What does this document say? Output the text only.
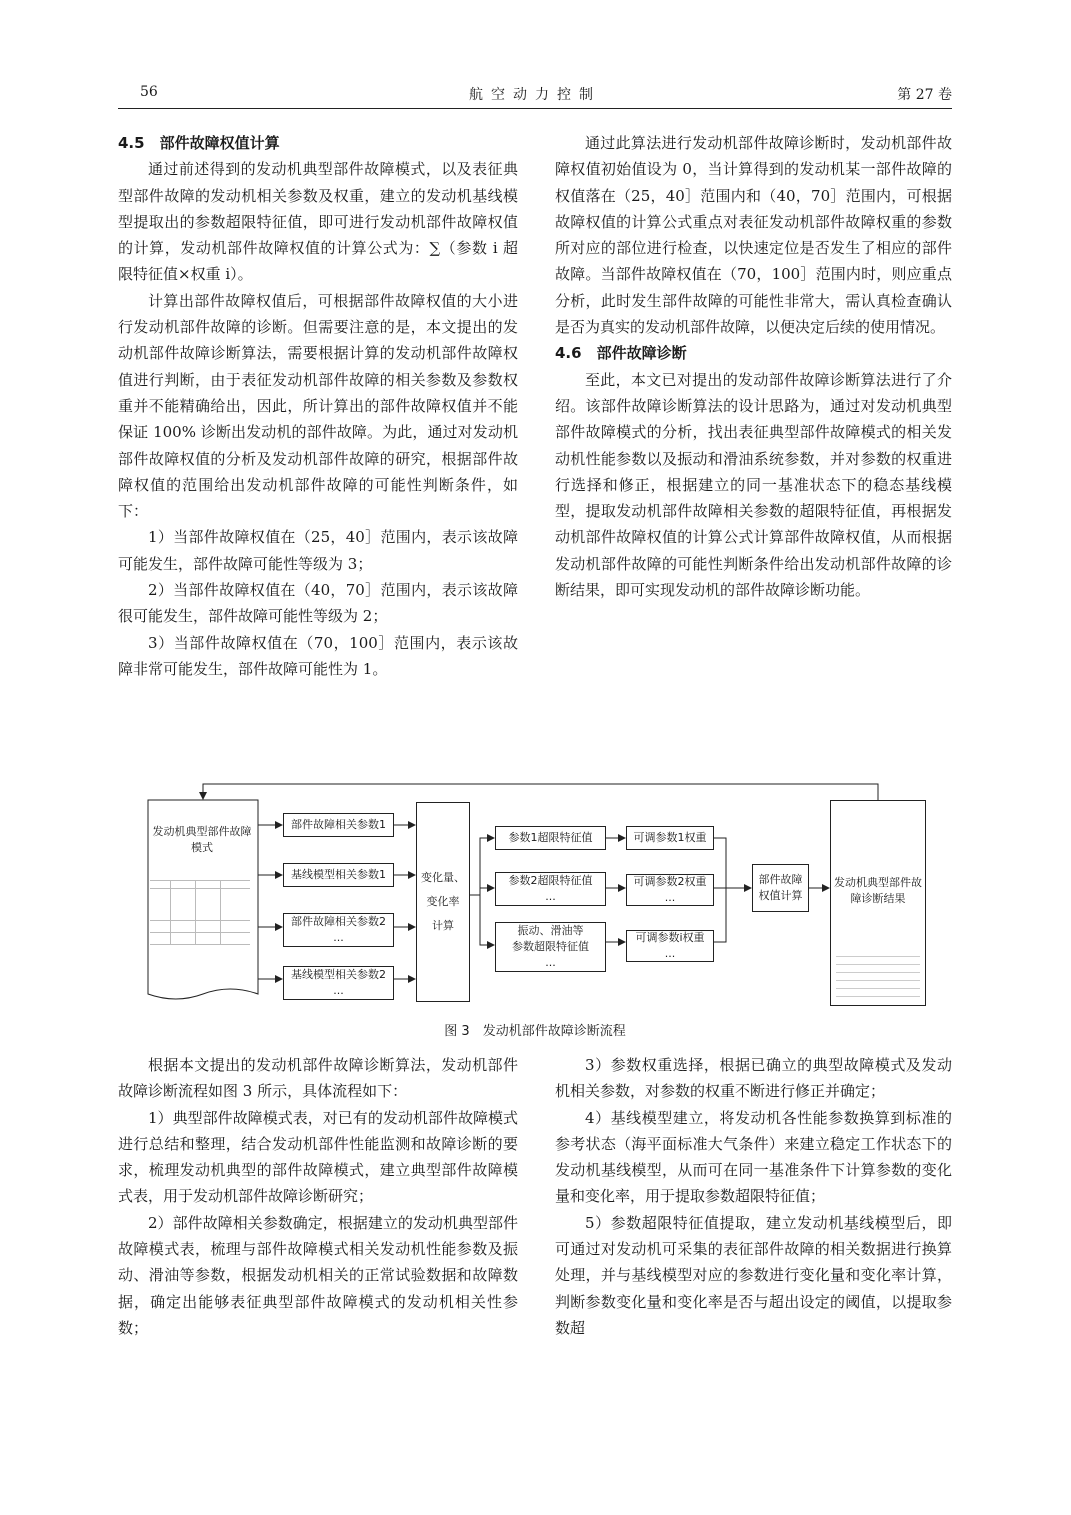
56	航空动力控制	第 27 卷
4.5　部件故障权值计算

通过前述得到的发动机典型部件故障模式，以及表征典型部件故障的发动机相关参数及权重，建立的发动机基线模型提取出的参数超限特征值，即可进行发动机部件故障权值的计算，发动机部件故障权值的计算公式为：∑（参数 i 超限特征值×权重 i）。

计算出部件故障权值后，可根据部件故障权值的大小进行发动机部件故障的诊断。但需要注意的是，本文提出的发动机部件故障诊断算法，需要根据计算的发动机部件故障权值进行判断，由于表征发动机部件故障的相关参数及参数权重并不能精确给出，因此，所计算出的部件故障权值并不能保证 100% 诊断出发动机的部件故障。为此，通过对发动机部件故障权值的分析及发动机部件故障的研究，根据部件故障权值的范围给出发动机部件故障的可能性判断条件，如下：

1）当部件故障权值在（25，40］范围内，表示该故障可能发生，部件故障可能性等级为 3；

2）当部件故障权值在（40，70］范围内，表示该故障很可能发生，部件故障可能性等级为 2；

3）当部件故障权值在（70，100］范围内，表示该故障非常可能发生，部件故障可能性为 1。

通过此算法进行发动机部件故障诊断时，发动机部件故障权值初始值设为 0，当计算得到的发动机某一部件故障的权值落在（25，40］范围内和（40，70］范围内，可根据故障权值的计算公式重点对表征发动机部件故障权重的参数所对应的部位进行检查，以快速定位是否发生了相应的部件故障。当部件故障权值在（70，100］范围内时，则应重点分析，此时发生部件故障的可能性非常大，需认真检查确认是否为真实的发动机部件故障，以便决定后续的使用情况。

4.6　部件故障诊断

至此，本文已对提出的发动部件故障诊断算法进行了介绍。该部件故障诊断算法的设计思路为，通过对发动机典型部件故障模式的分析，找出表征典型部件故障模式的相关发动机性能参数以及振动和滑油系统参数，并对参数的权重进行选择和修正，根据建立的同一基准状态下的稳态基线模型，提取发动机部件故障相关参数的超限特征值，再根据发动机部件故障权值的计算公式计算部件故障权值，从而根据发动机部件故障的可能性判断条件给出发动机部件故障的诊断结果，即可实现发动机的部件故障诊断功能。

发动机典型部件故障模式
部件故障相关参数1
基线模型相关参数1
部件故障相关参数2
...
基线模型相关参数2
...
变化量、
变化率
计算
参数1超限特征值
参数2超限特征值
...
振动、滑油等
参数超限特征值
...
可调参数1权重
可调参数2权重
...
可调参数i权重
...
部件故障
权值计算
发动机典型部件故障诊断结果
图 3　发动机部件故障诊断流程

根据本文提出的发动机部件故障诊断算法，发动机部件故障诊断流程如图 3 所示，具体流程如下：

1）典型部件故障模式表，对已有的发动机部件故障模式进行总结和整理，结合发动机部件性能监测和故障诊断的要求，梳理发动机典型的部件故障模式，建立典型部件故障模式表，用于发动机部件故障诊断研究；

2）部件故障相关参数确定，根据建立的发动机典型部件故障模式表，梳理与部件故障模式相关发动机性能参数及振动、滑油等参数，根据发动机相关的正常试验数据和故障数据，确定出能够表征典型部件故障模式的发动机相关性参数；

3）参数权重选择，根据已确立的典型故障模式及发动机相关参数，对参数的权重不断进行修正并确定；

4）基线模型建立，将发动机各性能参数换算到标准的参考状态（海平面标准大气条件）来建立稳定工作状态下的发动机基线模型，从而可在同一基准条件下计算参数的变化量和变化率，用于提取参数超限特征值；

5）参数超限特征值提取，建立发动机基线模型后，即可通过对发动机可采集的表征部件故障的相关数据进行换算处理，并与基线模型对应的参数进行变化量和变化率计算，判断参数变化量和变化率是否与超出设定的阈值，以提取参数超
